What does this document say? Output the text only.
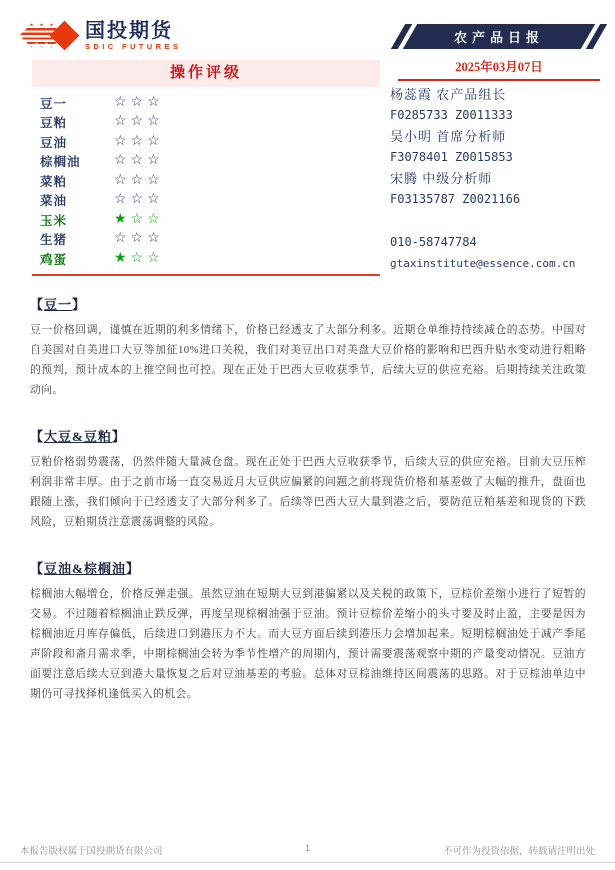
国投期货
SDIC FUTURES
农产品日报
2025年03月07日
操作评级
豆一	☆☆☆
豆粕	☆☆☆
豆油	☆☆☆
棕榈油	☆☆☆
菜粕	☆☆☆
菜油	☆☆☆
玉米	★☆☆
生猪	☆☆☆
鸡蛋	★☆☆
杨蕊霞 农产品组长
F0285733 Z0011333
吴小明 首席分析师
F3078401 Z0015853
宋腾 中级分析师
F03135787 Z0021166
010-58747784
gtaxinstitute@essence.com.cn
【豆一】
豆一价格回调，谨慎在近期的利多情绪下，价格已经透支了大部分利多。近期仓单维持持续减仓的态势。中国对自美国对自美进口大豆等加征10%进口关税，我们对美豆出口对美盘大豆价格的影响和巴西升贴水变动进行粗略的预判，预计成本的上推空间也可控。现在正处于巴西大豆收获季节，后续大豆的供应充裕。后期持续关注政策动向。
【大豆&豆粕】
豆粕价格弱势震荡，仍然伴随大量减仓盘。现在正处于巴西大豆收获季节，后续大豆的供应充裕。目前大豆压榨利润非常丰厚。由于之前市场一直交易近月大豆供应偏紧的问题之前将现货价格和基差做了大幅的推升，盘面也跟随上涨，我们倾向于已经透支了大部分利多了。后续等巴西大豆大量到港之后，要防范豆粕基差和现货的下跌风险，豆粕期货注意震荡调整的风险。
【豆油&棕榈油】
棕榈油大幅增仓，价格反弹走强。虽然豆油在短期大豆到港偏紧以及关税的政策下，豆棕价差缩小进行了短暂的交易。不过随着棕榈油止跌反弹，再度呈现棕榈油强于豆油。预计豆棕价差缩小的头寸要及时止盈，主要是因为棕榈油近月库存偏低，后续进口到港压力不大。而大豆方面后续到港压力会增加起来。短期棕榈油处于减产季尾声阶段和斋月需求季，中期棕榈油会转为季节性增产的周期内，预计需要震荡观察中期的产量变动情况。豆油方面要注意后续大豆到港大量恢复之后对豆油基差的考验。总体对豆棕油维持区间震荡的思路。对于豆棕油单边中期仍可寻找择机逢低买入的机会。
本报告版权属于国投期货有限公司	1	不可作为投资依据，转载请注明出处
